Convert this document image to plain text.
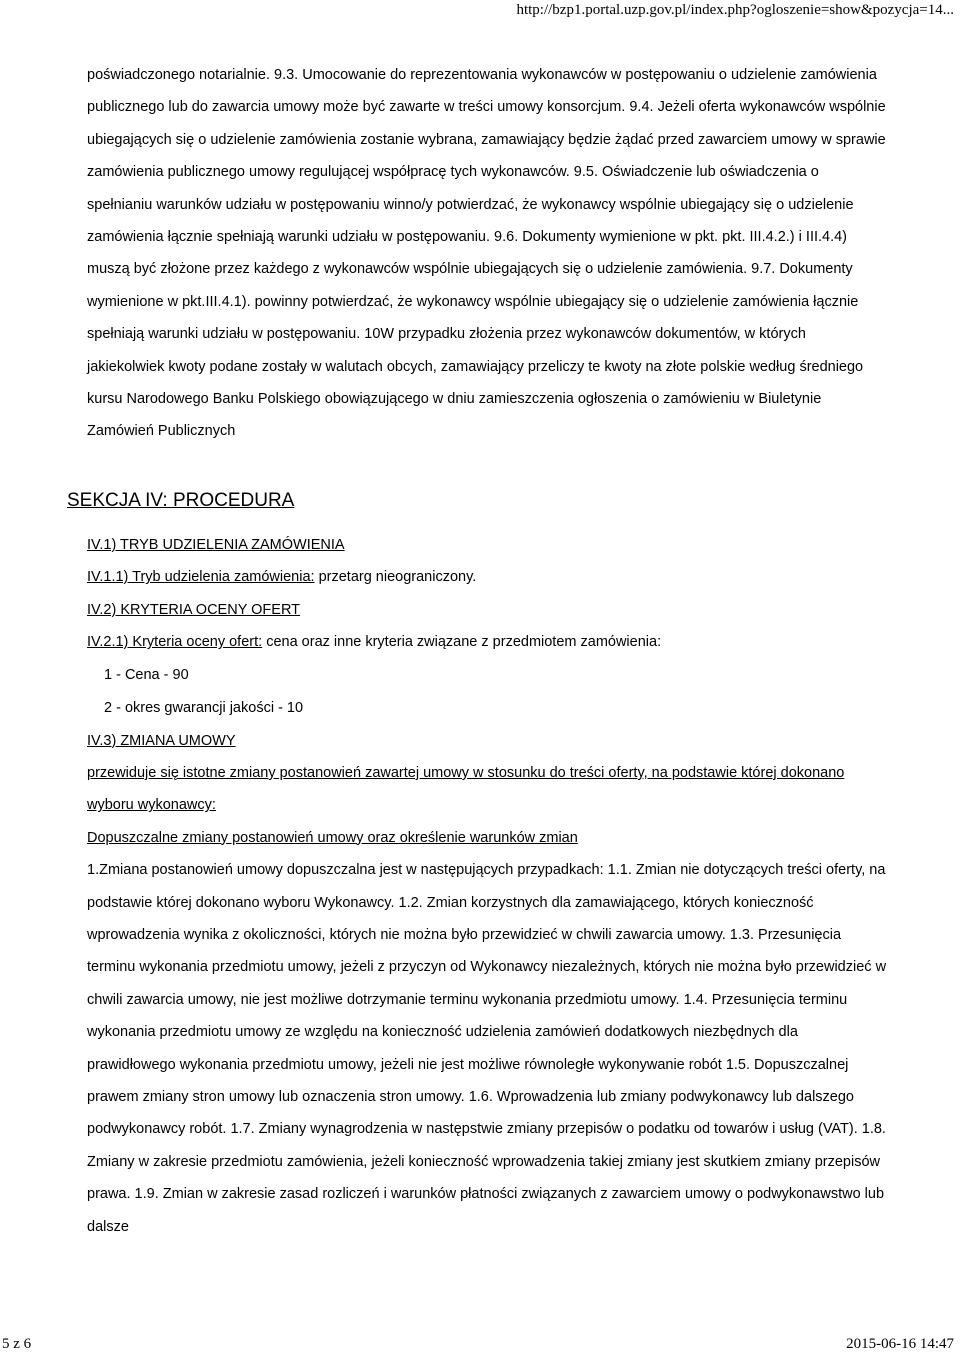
http://bzp1.portal.uzp.gov.pl/index.php?ogloszenie=show&pozycja=14...

poświadczonego notarialnie. 9.3. Umocowanie do reprezentowania wykonawców w postępowaniu o udzielenie zamówienia publicznego lub do zawarcia umowy może być zawarte w treści umowy konsorcjum. 9.4. Jeżeli oferta wykonawców wspólnie ubiegających się o udzielenie zamówienia zostanie wybrana, zamawiający będzie żądać przed zawarciem umowy w sprawie zamówienia publicznego umowy regulującej współpracę tych wykonawców. 9.5. Oświadczenie lub oświadczenia o spełnianiu warunków udziału w postępowaniu winno/y potwierdzać, że wykonawcy wspólnie ubiegający się o udzielenie zamówienia łącznie spełniają warunki udziału w postępowaniu. 9.6. Dokumenty wymienione w pkt. pkt. III.4.2.) i III.4.4) muszą być złożone przez każdego z wykonawców wspólnie ubiegających się o udzielenie zamówienia. 9.7. Dokumenty wymienione w pkt.III.4.1). powinny potwierdzać, że wykonawcy wspólnie ubiegający się o udzielenie zamówienia łącznie spełniają warunki udziału w postępowaniu. 10W przypadku złożenia przez wykonawców dokumentów, w których jakiekolwiek kwoty podane zostały w walutach obcych, zamawiający przeliczy te kwoty na złote polskie według średniego kursu Narodowego Banku Polskiego obowiązującego w dniu zamieszczenia ogłoszenia o zamówieniu w Biuletynie Zamówień Publicznych

SEKCJA IV: PROCEDURA

IV.1) TRYB UDZIELENIA ZAMÓWIENIA

IV.1.1) Tryb udzielenia zamówienia: przetarg nieograniczony.

IV.2) KRYTERIA OCENY OFERT

IV.2.1) Kryteria oceny ofert: cena oraz inne kryteria związane z przedmiotem zamówienia:

1 - Cena - 90

2 - okres gwarancji jakości - 10

IV.3) ZMIANA UMOWY

przewiduje się istotne zmiany postanowień zawartej umowy w stosunku do treści oferty, na podstawie której dokonano wyboru wykonawcy:

Dopuszczalne zmiany postanowień umowy oraz określenie warunków zmian

1.Zmiana postanowień umowy dopuszczalna jest w następujących przypadkach: 1.1. Zmian nie dotyczących treści oferty, na podstawie której dokonano wyboru Wykonawcy. 1.2. Zmian korzystnych dla zamawiającego, których konieczność wprowadzenia wynika z okoliczności, których nie można było przewidzieć w chwili zawarcia umowy. 1.3. Przesunięcia terminu wykonania przedmiotu umowy, jeżeli z przyczyn od Wykonawcy niezależnych, których nie można było przewidzieć w chwili zawarcia umowy, nie jest możliwe dotrzymanie terminu wykonania przedmiotu umowy. 1.4. Przesunięcia terminu wykonania przedmiotu umowy ze względu na konieczność udzielenia zamówień dodatkowych niezbędnych dla prawidłowego wykonania przedmiotu umowy, jeżeli nie jest możliwe równoległe wykonywanie robót 1.5. Dopuszczalnej prawem zmiany stron umowy lub oznaczenia stron umowy. 1.6. Wprowadzenia lub zmiany podwykonawcy lub dalszego podwykonawcy robót. 1.7. Zmiany wynagrodzenia w następstwie zmiany przepisów o podatku od towarów i usług (VAT). 1.8. Zmiany w zakresie przedmiotu zamówienia, jeżeli konieczność wprowadzenia takiej zmiany jest skutkiem zmiany przepisów prawa. 1.9. Zmian w zakresie zasad rozliczeń i warunków płatności związanych z zawarciem umowy o podwykonawstwo lub dalsze

5 z 6	2015-06-16 14:47
